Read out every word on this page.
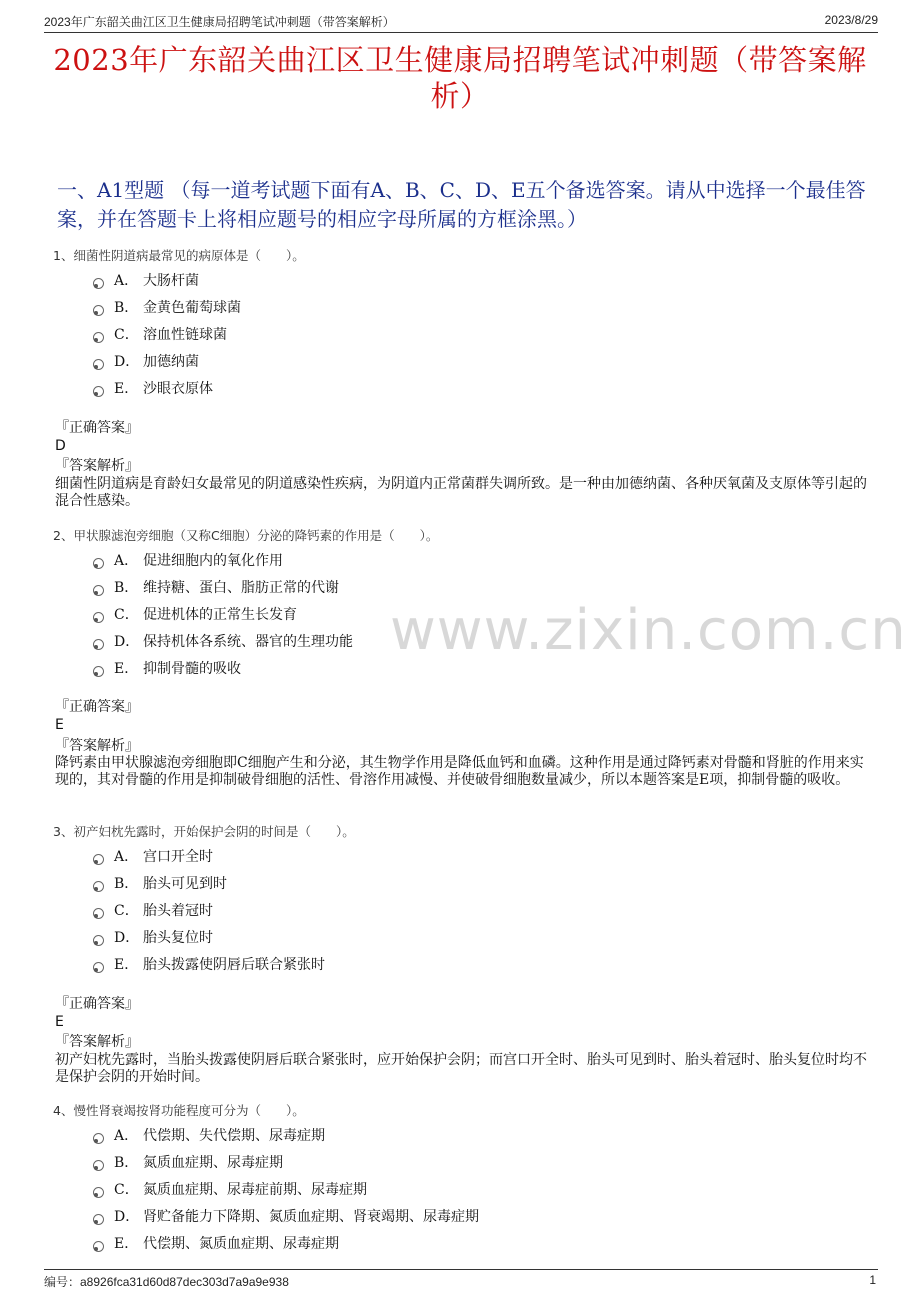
2023年广东韶关曲江区卫生健康局招聘笔试冲刺题（带答案解析）	2023/8/29
2023年广东韶关曲江区卫生健康局招聘笔试冲刺题（带答案解
析）
一、A1型题 （每一道考试题下面有A、B、C、D、E五个备选答案。请从中选择一个最佳答案，并在答题卡上将相应题号的相应字母所属的方框涂黑。）
www.zixin.com.cn
1、细菌性阴道病最常见的病原体是（　　）。
A． 大肠杆菌
B． 金黄色葡萄球菌
C． 溶血性链球菌
D． 加德纳菌
E． 沙眼衣原体
『正确答案』
D
『答案解析』
细菌性阴道病是育龄妇女最常见的阴道感染性疾病，为阴道内正常菌群失调所致。是一种由加德纳菌、各种厌氧菌及支原体等引起的混合性感染。
2、甲状腺滤泡旁细胞（又称C细胞）分泌的降钙素的作用是（　　）。
A． 促进细胞内的氧化作用
B． 维持糖、蛋白、脂肪正常的代谢
C． 促进机体的正常生长发育
D． 保持机体各系统、器官的生理功能
E． 抑制骨髓的吸收
『正确答案』
E
『答案解析』
降钙素由甲状腺滤泡旁细胞即C细胞产生和分泌，其生物学作用是降低血钙和血磷。这种作用是通过降钙素对骨髓和肾脏的作用来实现的，其对骨髓的作用是抑制破骨细胞的活性、骨溶作用减慢、并使破骨细胞数量减少，所以本题答案是E项，抑制骨髓的吸收。
3、初产妇枕先露时，开始保护会阴的时间是（　　）。
A． 宫口开全时
B． 胎头可见到时
C． 胎头着冠时
D． 胎头复位时
E． 胎头拨露使阴唇后联合紧张时
『正确答案』
E
『答案解析』
初产妇枕先露时，当胎头拨露使阴唇后联合紧张时，应开始保护会阴；而宫口开全时、胎头可见到时、胎头着冠时、胎头复位时均不是保护会阴的开始时间。
4、慢性肾衰竭按肾功能程度可分为（　　）。
A． 代偿期、失代偿期、尿毒症期
B． 氮质血症期、尿毒症期
C． 氮质血症期、尿毒症前期、尿毒症期
D． 肾贮备能力下降期、氮质血症期、肾衰竭期、尿毒症期
E． 代偿期、氮质血症期、尿毒症期
编号：a8926fca31d60d87dec303d7a9a9e938	1
